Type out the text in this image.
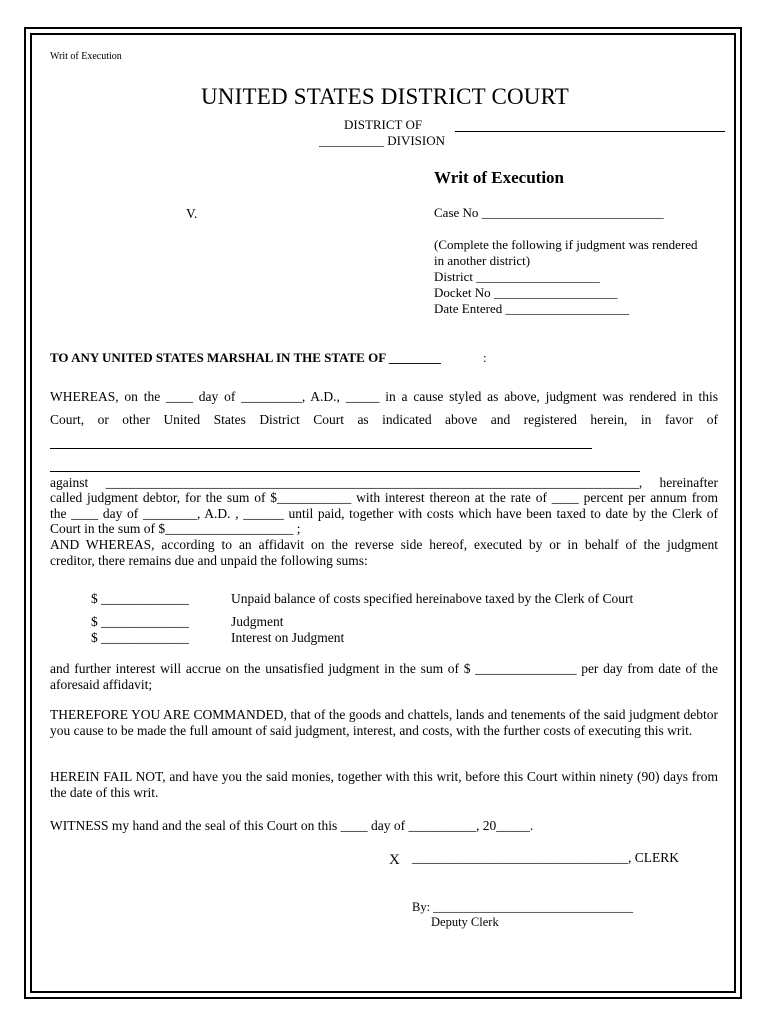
Writ of Execution
UNITED STATES DISTRICT COURT
DISTRICT OF
__________ DIVISION
Writ of Execution
V.	Case No ____________________________
(Complete the following if judgment was rendered
in another district)
District ___________________
Docket No ___________________
Date Entered ___________________
TO ANY UNITED STATES MARSHAL IN THE STATE OF ________	:
WHEREAS, on the ____ day of _________, A.D., _____ in a cause styled as above, judgment was rendered in this
Court, or other United States District Court as indicated above and registered herein, in favor of
against _______________________________________________________________________________, hereinafter
called judgment debtor, for the sum of $___________ with interest thereon at the rate of ____ percent per annum from
the ____ day of ________, A.D. , ______ until paid, together with costs which have been taxed to date by the Clerk of
Court in the sum of $___________________ ;
AND WHEREAS, according to an affidavit on the reverse side hereof, executed by or in behalf of the judgment
creditor, there remains due and unpaid the following sums:
$ _____________	Unpaid balance of costs specified hereinabove taxed by the Clerk of Court
$ _____________	Judgment
$ _____________	Interest on Judgment
and further interest will accrue on the unsatisfied judgment in the sum of $ _______________ per day from date of the
aforesaid affidavit;
THEREFORE YOU ARE COMMANDED, that of the goods and chattels, lands and tenements of the said judgment debtor you cause to be made the full amount of said judgment, interest, and costs, with the further costs of executing this writ.
HEREIN FAIL NOT, and have you the said monies, together with this writ, before this Court within ninety (90) days from the date of this writ.
WITNESS my hand and the seal of this Court on this ____ day of __________, 20_____.
X ________________________________, CLERK
By: ________________________________
Deputy Clerk
